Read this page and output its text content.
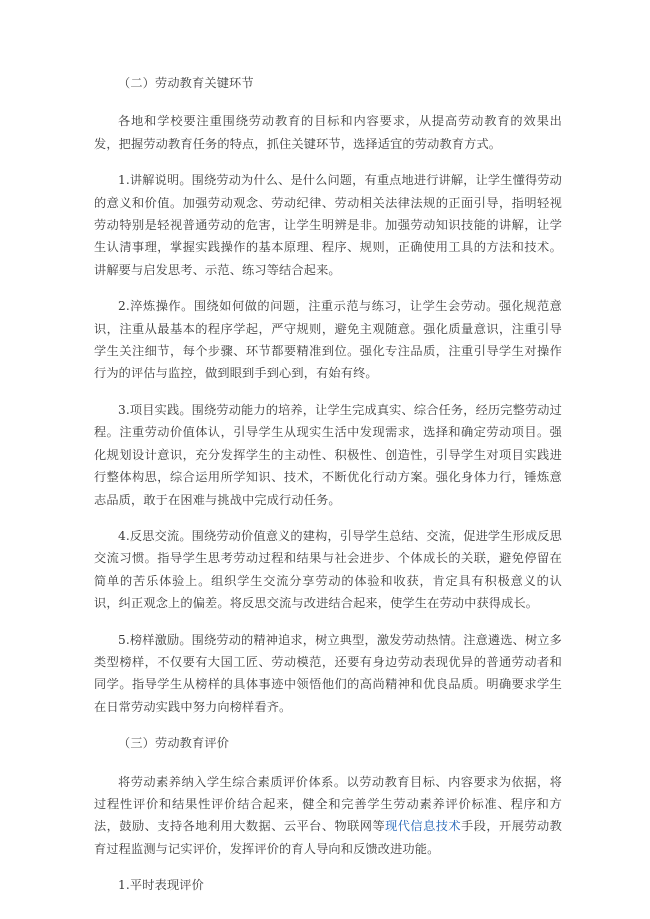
（二）劳动教育关键环节

各地和学校要注重围绕劳动教育的目标和内容要求，从提高劳动教育的效果出发，把握劳动教育任务的特点，抓住关键环节，选择适宜的劳动教育方式。

1.讲解说明。围绕劳动为什么、是什么问题，有重点地进行讲解，让学生懂得劳动的意义和价值。加强劳动观念、劳动纪律、劳动相关法律法规的正面引导，指明轻视劳动特别是轻视普通劳动的危害，让学生明辨是非。加强劳动知识技能的讲解，让学生认清事理，掌握实践操作的基本原理、程序、规则，正确使用工具的方法和技术。讲解要与启发思考、示范、练习等结合起来。

2.淬炼操作。围绕如何做的问题，注重示范与练习，让学生会劳动。强化规范意识，注重从最基本的程序学起，严守规则，避免主观随意。强化质量意识，注重引导学生关注细节，每个步骤、环节都要精准到位。强化专注品质，注重引导学生对操作行为的评估与监控，做到眼到手到心到，有始有终。

3.项目实践。围绕劳动能力的培养，让学生完成真实、综合任务，经历完整劳动过程。注重劳动价值体认，引导学生从现实生活中发现需求，选择和确定劳动项目。强化规划设计意识，充分发挥学生的主动性、积极性、创造性，引导学生对项目实践进行整体构思，综合运用所学知识、技术，不断优化行动方案。强化身体力行，锤炼意志品质，敢于在困难与挑战中完成行动任务。

4.反思交流。围绕劳动价值意义的建构，引导学生总结、交流，促进学生形成反思交流习惯。指导学生思考劳动过程和结果与社会进步、个体成长的关联，避免停留在简单的苦乐体验上。组织学生交流分享劳动的体验和收获，肯定具有积极意义的认识，纠正观念上的偏差。将反思交流与改进结合起来，使学生在劳动中获得成长。

5.榜样激励。围绕劳动的精神追求，树立典型，激发劳动热情。注意遴选、树立多类型榜样，不仅要有大国工匠、劳动模范，还要有身边劳动表现优异的普通劳动者和同学。指导学生从榜样的具体事迹中领悟他们的高尚精神和优良品质。明确要求学生在日常劳动实践中努力向榜样看齐。

（三）劳动教育评价

将劳动素养纳入学生综合素质评价体系。以劳动教育目标、内容要求为依据，将过程性评价和结果性评价结合起来，健全和完善学生劳动素养评价标准、程序和方法，鼓励、支持各地利用大数据、云平台、物联网等现代信息技术手段，开展劳动教育过程监测与记实评价，发挥评价的育人导向和反馈改进功能。

1.平时表现评价
